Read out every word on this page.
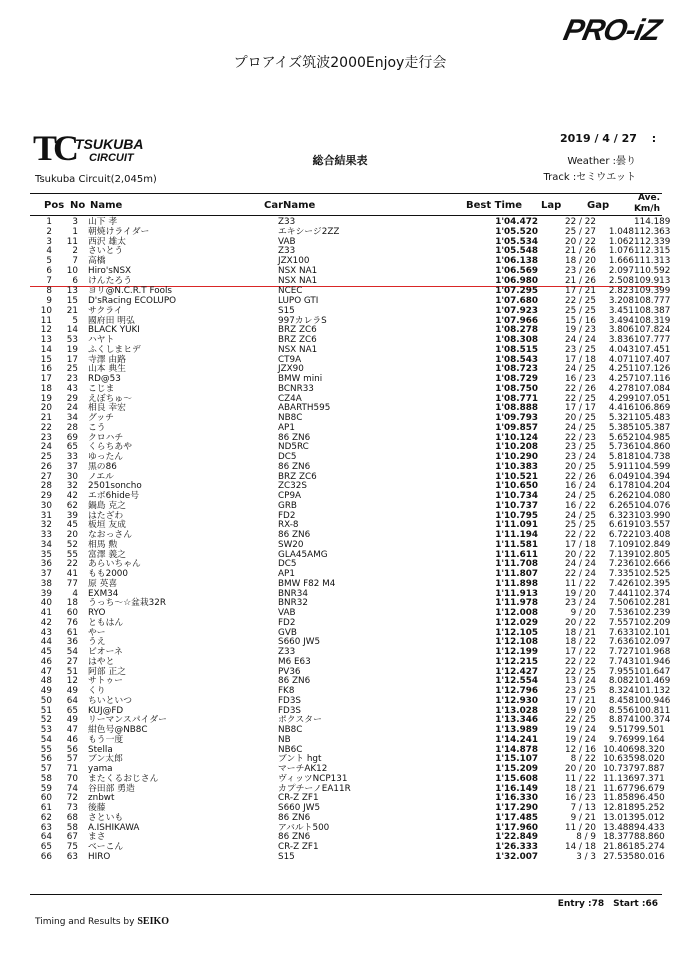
PRO-iZ
プロアイズ筑波2000Enjoy走行会
TC TSUKUBA
CIRCUIT
Tsukuba Circuit(2,045m)
2019 / 4 / 27　 :
総合結果表	Weather :曇り
Track :セミウエット
Pos No Name	CarName	Best Time Lap	Gap
Ave.
Km/h
1	3	山下 孝	Z33	1'04.472	22 / 22		114.189
2	1	朝焼けライダー	エキシージ2ZZ	1'05.520	25 / 27	1.048	112.363
3	11	西沢 雄太	VAB	1'05.534	20 / 22	1.062	112.339
4	2	さいとう	Z33	1'05.548	21 / 26	1.076	112.315
5	7	高橋	JZX100	1'06.138	18 / 20	1.666	111.313
6	10	Hiro'sNSX	NSX NA1	1'06.569	23 / 26	2.097	110.592
7	6	けんたろう	NSX NA1	1'06.980	21 / 26	2.508	109.913
8	13	ヨリ@N.C.R.T Fools	NCEC	1'07.295	17 / 21	2.823	109.399
9	15	D'sRacing ECOLUPO	LUPO GTI	1'07.680	22 / 25	3.208	108.777
10	21	サクライ	S15	1'07.923	25 / 25	3.451	108.387
11	5	國府田 明弘	997カレラS	1'07.966	15 / 16	3.494	108.319
12	14	BLACK YUKI	BRZ ZC6	1'08.278	19 / 23	3.806	107.824
13	53	ハヤト	BRZ ZC6	1'08.308	24 / 24	3.836	107.777
14	19	ふくしまヒデ	NSX NA1	1'08.515	23 / 25	4.043	107.451
15	17	寺澤 由路	CT9A	1'08.543	17 / 18	4.071	107.407
16	25	山本 典生	JZX90	1'08.723	24 / 25	4.251	107.126
17	23	RD@53	BMW mini	1'08.729	16 / 23	4.257	107.116
18	43	こじま	BCNR33	1'08.750	22 / 26	4.278	107.084
19	29	えぼちゅ〜	CZ4A	1'08.771	22 / 25	4.299	107.051
20	24	相良 幸宏	ABARTH595	1'08.888	17 / 17	4.416	106.869
21	34	グッチ	NB8C	1'09.793	20 / 25	5.321	105.483
22	28	こう	AP1	1'09.857	24 / 25	5.385	105.387
23	69	クロハチ	86 ZN6	1'10.124	22 / 23	5.652	104.985
24	65	くらちあや	ND5RC	1'10.208	23 / 25	5.736	104.860
25	33	ゆったん	DC5	1'10.290	23 / 24	5.818	104.738
26	37	黒の86	86 ZN6	1'10.383	20 / 25	5.911	104.599
27	30	ノエル	BRZ ZC6	1'10.521	22 / 26	6.049	104.394
28	32	2501soncho	ZC32S	1'10.650	16 / 24	6.178	104.204
29	42	エボ6hide号	CP9A	1'10.734	24 / 25	6.262	104.080
30	62	鍋島 克之	GRB	1'10.737	16 / 22	6.265	104.076
31	39	はたざわ	FD2	1'10.795	24 / 25	6.323	103.990
32	45	板垣 友成	RX-8	1'11.091	25 / 25	6.619	103.557
33	20	なおっさん	86 ZN6	1'11.194	22 / 22	6.722	103.408
34	52	相馬 勲	SW20	1'11.581	17 / 18	7.109	102.849
35	55	富澤 義之	GLA45AMG	1'11.611	20 / 22	7.139	102.805
36	22	あらいちゃん	DC5	1'11.708	24 / 24	7.236	102.666
37	41	もも2000	AP1	1'11.807	22 / 24	7.335	102.525
38	77	原 英喜	BMW F82 M4	1'11.898	11 / 22	7.426	102.395
39	4	EXM34	BNR34	1'11.913	19 / 20	7.441	102.374
40	18	うっち〜☆盆栽32R	BNR32	1'11.978	23 / 24	7.506	102.281
41	60	RYO	VAB	1'12.008	9 / 20	7.536	102.239
42	76	ともはん	FD2	1'12.029	20 / 22	7.557	102.209
43	61	やー	GVB	1'12.105	18 / 21	7.633	102.101
44	36	うえ	S660 JW5	1'12.108	18 / 22	7.636	102.097
45	54	ビオーネ	Z33	1'12.199	17 / 22	7.727	101.968
46	27	はやと	M6 E63	1'12.215	22 / 22	7.743	101.946
47	51	阿部 正之	PV36	1'12.427	22 / 25	7.955	101.647
48	12	サトゥー	86 ZN6	1'12.554	13 / 24	8.082	101.469
49	49	くり	FK8	1'12.796	23 / 25	8.324	101.132
50	64	ちいといつ	FD3S	1'12.930	17 / 21	8.458	100.946
51	65	KUJ@FD	FD3S	1'13.028	19 / 20	8.556	100.811
52	49	リーマンスパイダー	ポクスター	1'13.346	22 / 25	8.874	100.374
53	47	紺色号@NB8C	NB8C	1'13.989	19 / 24	9.517	99.501
54	46	もう一度	NB	1'14.241	19 / 24	9.769	99.164
55	56	Stella	NB6C	1'14.878	12 / 16	10.406	98.320
56	57	ブン太郎	ブント hgt	1'15.107	8 / 22	10.635	98.020
57	71	yama	マーチAK12	1'15.209	20 / 20	10.737	97.887
58	70	またくるおじさん	ヴィッツNCP131	1'15.608	11 / 22	11.136	97.371
59	74	谷田部 勇造	カプチーノEA11R	1'16.149	18 / 21	11.677	96.679
60	72	znbwt	CR-Z ZF1	1'16.330	16 / 23	11.858	96.450
61	73	後藤	S660 JW5	1'17.290	7 / 13	12.818	95.252
62	68	さといも	86 ZN6	1'17.485	9 / 21	13.013	95.012
63	58	A.ISHIKAWA	アバルト500	1'17.960	11 / 20	13.488	94.433
64	67	まさ	86 ZN6	1'22.849	8 / 9	18.377	88.860
65	75	べーこん	CR-Z ZF1	1'26.333	14 / 18	21.861	85.274
66	63	HIRO	S15	1'32.007	3 / 3	27.535	80.016
Entry :78　Start :66
Timing and Results by SEIKO
